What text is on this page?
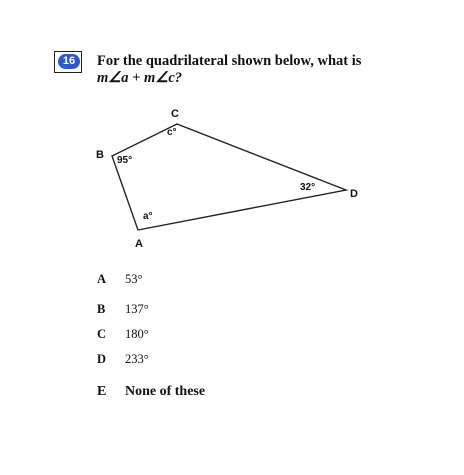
16	For the quadrilateral shown below, what is
m∠a + m∠c?
C
B
D
A
95°
c°
32°
a°
A 53°
B 137°
C 180°
D 233°
E None of these
